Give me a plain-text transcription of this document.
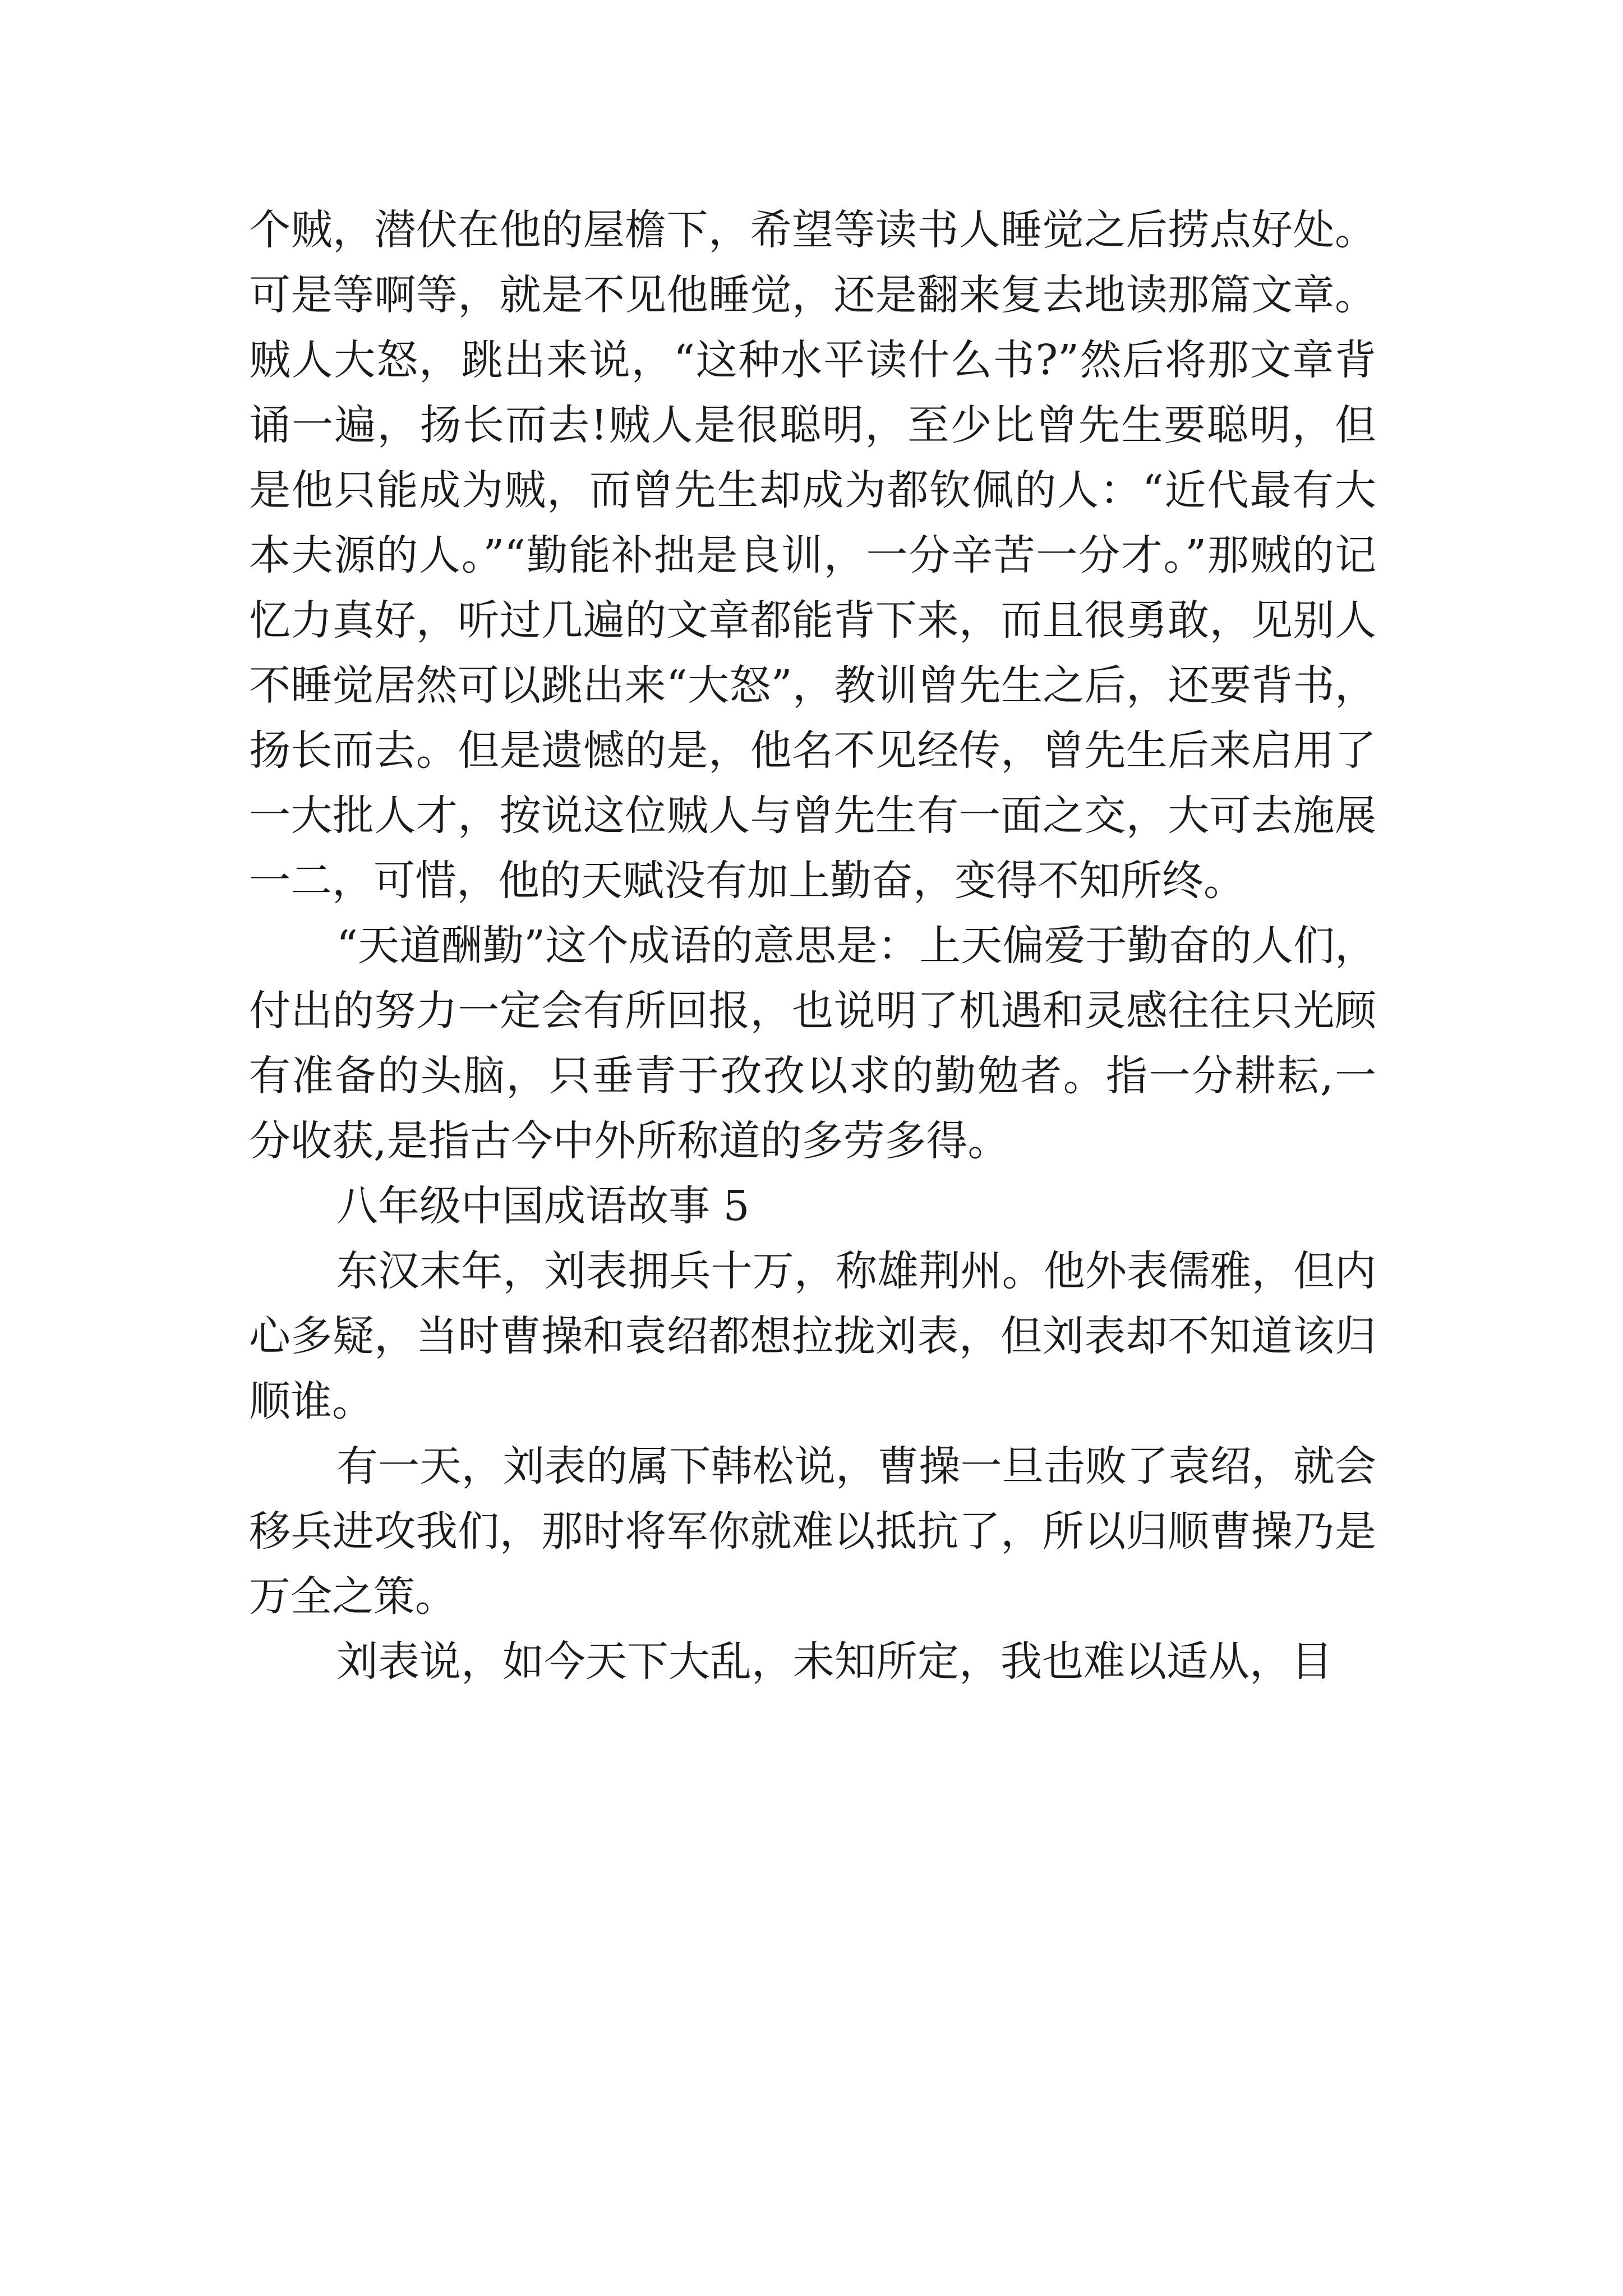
个贼，潜伏在他的屋檐下，希望等读书人睡觉之后捞点好处。可是等啊等，就是不见他睡觉，还是翻来复去地读那篇文章。贼人大怒，跳出来说，“这种水平读什么书?”然后将那文章背诵一遍，扬长而去!贼人是很聪明，至少比曾先生要聪明，但是他只能成为贼，而曾先生却成为都钦佩的人：“近代最有大本夫源的人。”“勤能补拙是良训，一分辛苦一分才。”那贼的记忆力真好，听过几遍的文章都能背下来，而且很勇敢，见别人不睡觉居然可以跳出来“大怒”，教训曾先生之后，还要背书，扬长而去。但是遗憾的是，他名不见经传，曾先生后来启用了一大批人才，按说这位贼人与曾先生有一面之交，大可去施展一二，可惜，他的天赋没有加上勤奋，变得不知所终。

“天道酬勤”这个成语的意思是：上天偏爱于勤奋的人们，付出的努力一定会有所回报，也说明了机遇和灵感往往只光顾有准备的头脑，只垂青于孜孜以求的勤勉者。指一分耕耘,一分收获,是指古今中外所称道的多劳多得。

八年级中国成语故事 5

东汉末年，刘表拥兵十万，称雄荆州。他外表儒雅，但内心多疑，当时曹操和袁绍都想拉拢刘表，但刘表却不知道该归顺谁。

有一天，刘表的属下韩松说，曹操一旦击败了袁绍，就会移兵进攻我们，那时将军你就难以抵抗了，所以归顺曹操乃是万全之策。

刘表说，如今天下大乱，未知所定，我也难以适从，目
